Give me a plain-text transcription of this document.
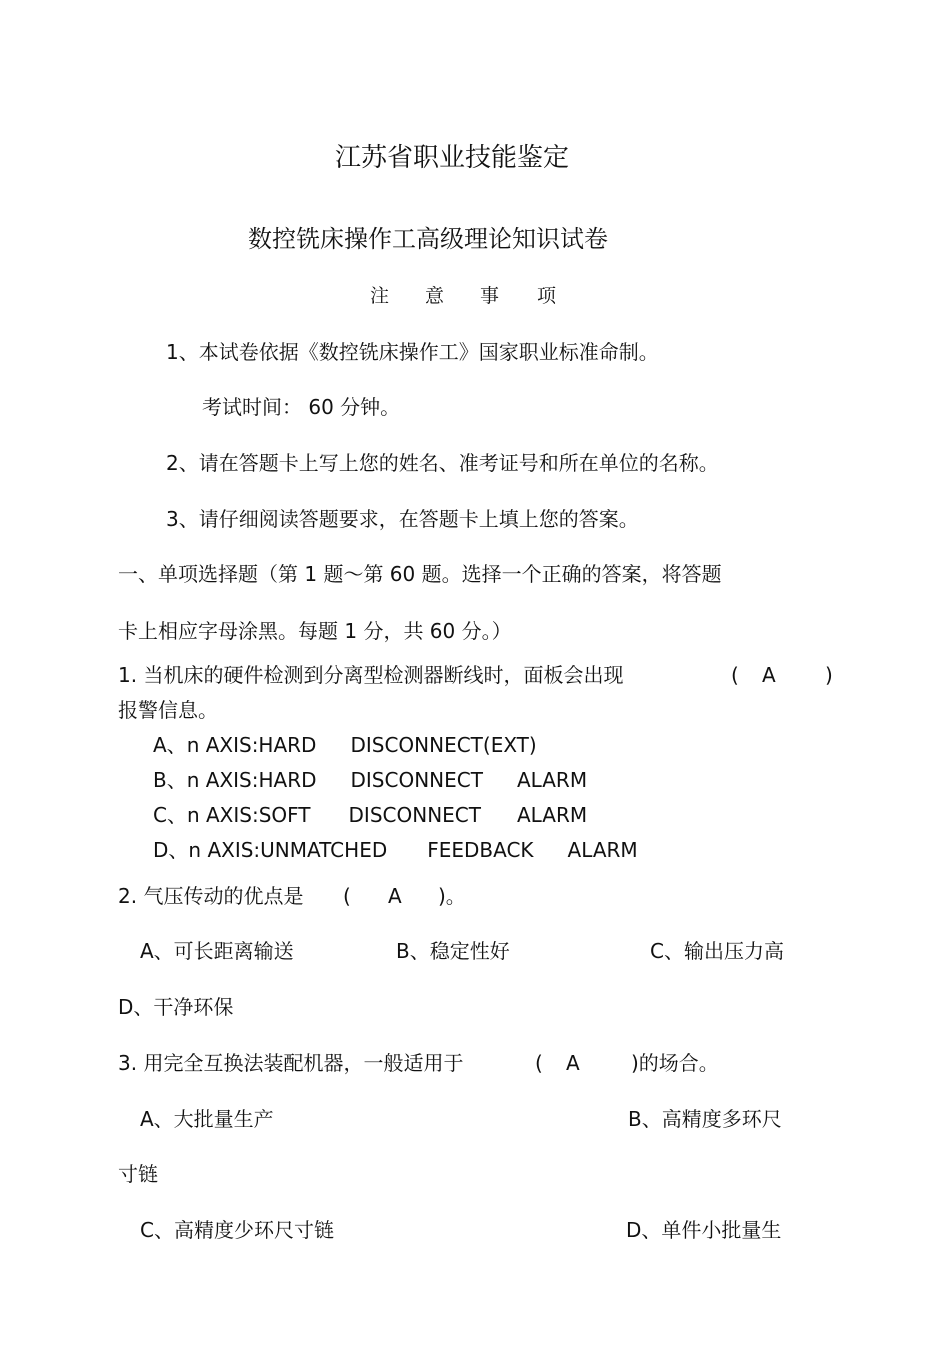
江苏省职业技能鉴定
数控铣床操作工高级理论知识试卷
注 意 事 项
1、本试卷依据《数控铣床操作工》国家职业标准命制。
考试时间： 60 分钟。
2、请在答题卡上写上您的姓名、准考证号和所在单位的名称。
3、请仔细阅读答题要求，在答题卡上填上您的答案。
一、单项选择题（第 1 题～第 60 题。选择一个正确的答案，将答题
卡上相应字母涂黑。每题 1 分，共 60 分。）
1. 当机床的硬件检测到分离型检测器断线时，面板会出现	( A )
报警信息。
A、n AXIS:HARD DISCONNECT(EXT)
B、n AXIS:HARD DISCONNECT ALARM
C、n AXIS:SOFT DISCONNECT ALARM
D、n AXIS:UNMATCHED FEEDBACK ALARM
2. 气压传动的优点是 ( A )。
A、可长距离输送	B、稳定性好	C、输出压力高
D、干净环保
3. 用完全互换法装配机器，一般适用于	( A	)的场合。
A、大批量生产	B、高精度多环尺
寸链
C、高精度少环尺寸链	D、单件小批量生
